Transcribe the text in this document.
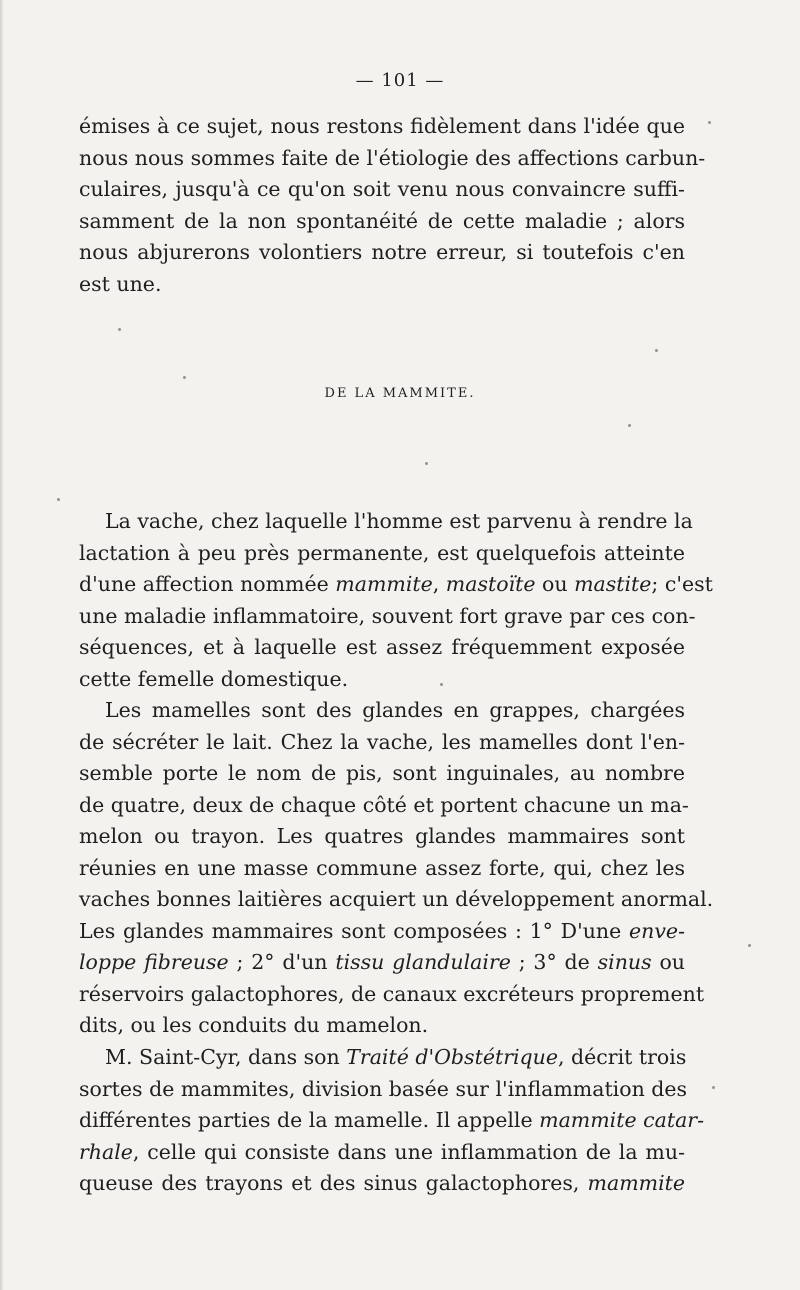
— 101 —
émises à ce sujet, nous restons fidèlement dans l'idée que
nous nous sommes faite de l'étiologie des affections carbun-
culaires, jusqu'à ce qu'on soit venu nous convaincre suffi-
samment de la non spontanéité de cette maladie ; alors
nous abjurerons volontiers notre erreur, si toutefois c'en
est une.
DE LA MAMMITE.
La vache, chez laquelle l'homme est parvenu à rendre la
lactation à peu près permanente, est quelquefois atteinte
d'une affection nommée mammite, mastoïte ou mastite; c'est
une maladie inflammatoire, souvent fort grave par ces con-
séquences, et à laquelle est assez fréquemment exposée
cette femelle domestique.
Les mamelles sont des glandes en grappes, chargées
de sécréter le lait. Chez la vache, les mamelles dont l'en-
semble porte le nom de pis, sont inguinales, au nombre
de quatre, deux de chaque côté et portent chacune un ma-
melon ou trayon. Les quatres glandes mammaires sont
réunies en une masse commune assez forte, qui, chez les
vaches bonnes laitières acquiert un développement anormal.
Les glandes mammaires sont composées : 1° D'une enve-
loppe fibreuse ; 2° d'un tissu glandulaire ; 3° de sinus ou
réservoirs galactophores, de canaux excréteurs proprement
dits, ou les conduits du mamelon.
M. Saint-Cyr, dans son Traité d'Obstétrique, décrit trois
sortes de mammites, division basée sur l'inflammation des
différentes parties de la mamelle. Il appelle mammite catar-
rhale, celle qui consiste dans une inflammation de la mu-
queuse des trayons et des sinus galactophores, mammite
